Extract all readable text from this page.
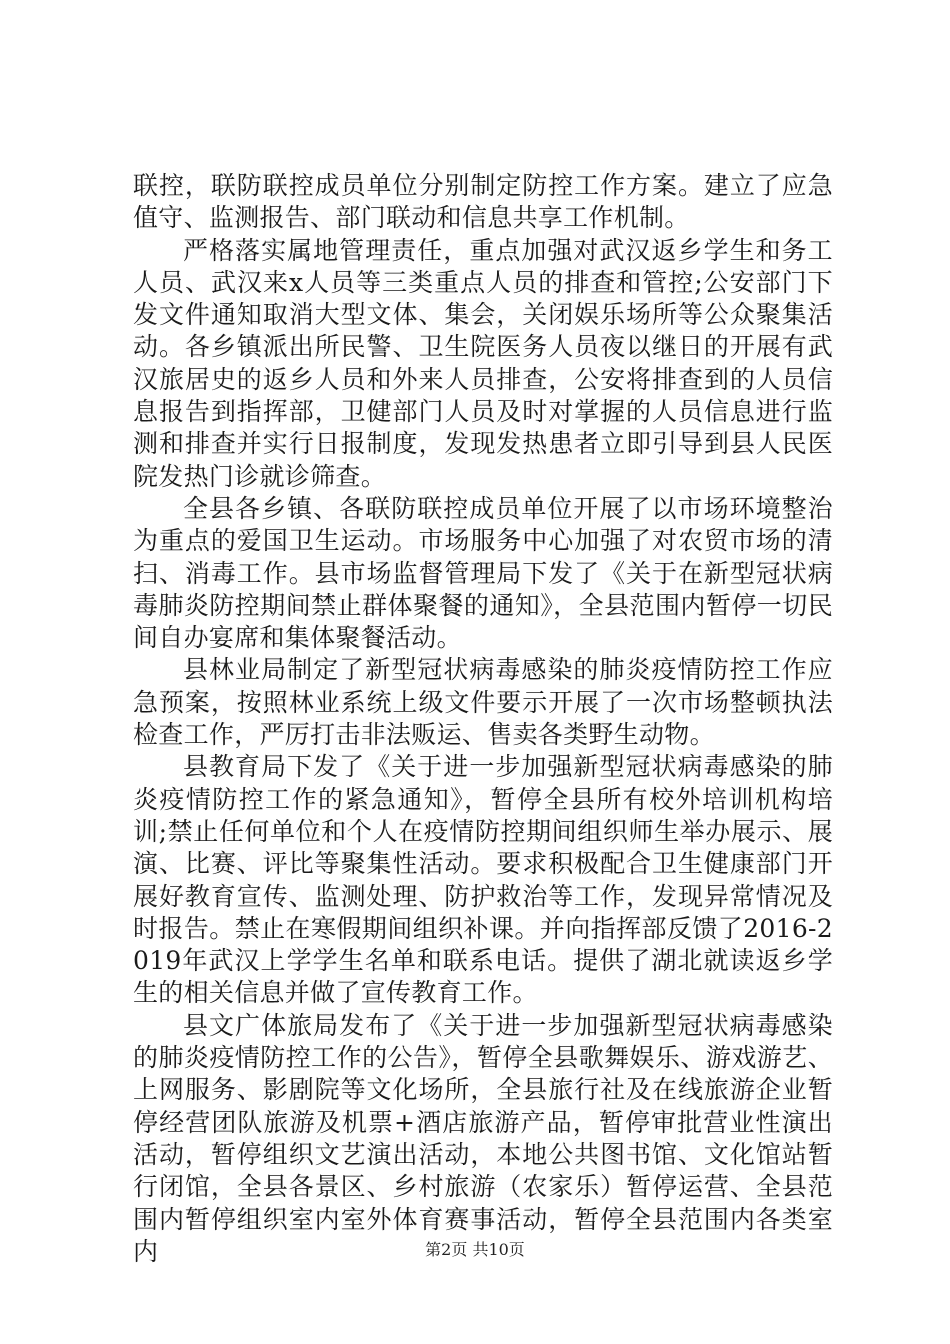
联控，联防联控成员单位分别制定防控工作方案。建立了应急值守、监测报告、部门联动和信息共享工作机制。

严格落实属地管理责任，重点加强对武汉返乡学生和务工人员、武汉来x人员等三类重点人员的排查和管控;公安部门下发文件通知取消大型文体、集会，关闭娱乐场所等公众聚集活动。各乡镇派出所民警、卫生院医务人员夜以继日的开展有武汉旅居史的返乡人员和外来人员排查，公安将排查到的人员信息报告到指挥部，卫健部门人员及时对掌握的人员信息进行监测和排查并实行日报制度，发现发热患者立即引导到县人民医院发热门诊就诊筛查。

全县各乡镇、各联防联控成员单位开展了以市场环境整治为重点的爱国卫生运动。市场服务中心加强了对农贸市场的清扫、消毒工作。县市场监督管理局下发了《关于在新型冠状病毒肺炎防控期间禁止群体聚餐的通知》，全县范围内暂停一切民间自办宴席和集体聚餐活动。

县林业局制定了新型冠状病毒感染的肺炎疫情防控工作应急预案，按照林业系统上级文件要示开展了一次市场整顿执法检查工作，严厉打击非法贩运、售卖各类野生动物。

县教育局下发了《关于进一步加强新型冠状病毒感染的肺炎疫情防控工作的紧急通知》，暂停全县所有校外培训机构培训;禁止任何单位和个人在疫情防控期间组织师生举办展示、展演、比赛、评比等聚集性活动。要求积极配合卫生健康部门开展好教育宣传、监测处理、防护救治等工作，发现异常情况及时报告。禁止在寒假期间组织补课。并向指挥部反馈了2016-2019年武汉上学学生名单和联系电话。提供了湖北就读返乡学生的相关信息并做了宣传教育工作。

县文广体旅局发布了《关于进一步加强新型冠状病毒感染的肺炎疫情防控工作的公告》，暂停全县歌舞娱乐、游戏游艺、上网服务、影剧院等文化场所，全县旅行社及在线旅游企业暂停经营团队旅游及机票+酒店旅游产品，暂停审批营业性演出活动，暂停组织文艺演出活动，本地公共图书馆、文化馆站暂行闭馆，全县各景区、乡村旅游（农家乐）暂停运营、全县范围内暂停组织室内室外体育赛事活动，暂停全县范围内各类室内	第2页 共10页
